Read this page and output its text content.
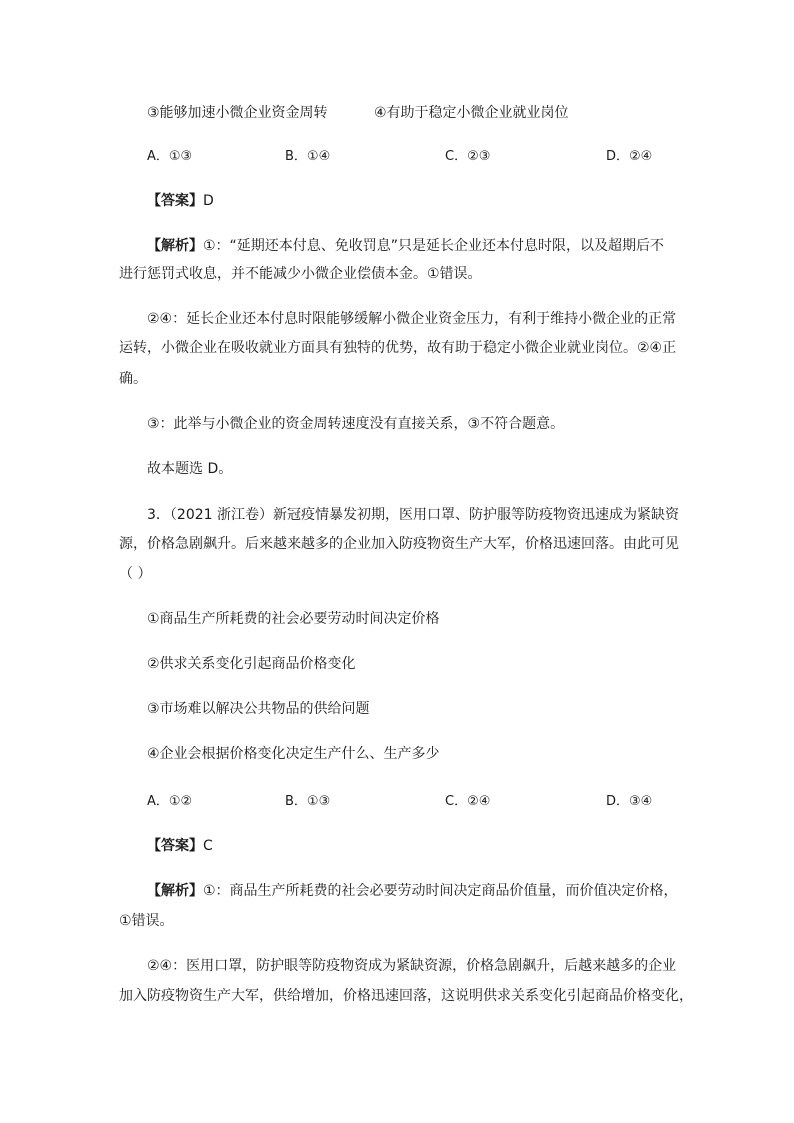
③能够加速小微企业资金周转	④有助于稳定小微企业就业岗位
A．①③	B．①④	C．②③	D．②④
【答案】D
【解析】①：“延期还本付息、免收罚息”只是延长企业还本付息时限，以及超期后不
进行惩罚式收息，并不能减少小微企业偿债本金。①错误。
②④：延长企业还本付息时限能够缓解小微企业资金压力，有利于维持小微企业的正常
运转，小微企业在吸收就业方面具有独特的优势，故有助于稳定小微企业就业岗位。②④正
确。
③：此举与小微企业的资金周转速度没有直接关系，③不符合题意。
故本题选 D。
3．（2021 浙江卷）新冠疫情暴发初期，医用口罩、防护服等防疫物资迅速成为紧缺资
源，价格急剧飙升。后来越来越多的企业加入防疫物资生产大军，价格迅速回落。由此可见
（ ）
①商品生产所耗费的社会必要劳动时间决定价格
②供求关系变化引起商品价格变化
③市场难以解决公共物品的供给问题
④企业会根据价格变化决定生产什么、生产多少
A．①②	B．①③	C．②④	D．③④
【答案】C
【解析】①：商品生产所耗费的社会必要劳动时间决定商品价值量，而价值决定价格，
①错误。
②④：医用口罩，防护眼等防疫物资成为紧缺资源，价格急剧飙升，后越来越多的企业
加入防疫物资生产大军，供给增加，价格迅速回落，这说明供求关系变化引起商品价格变化，
